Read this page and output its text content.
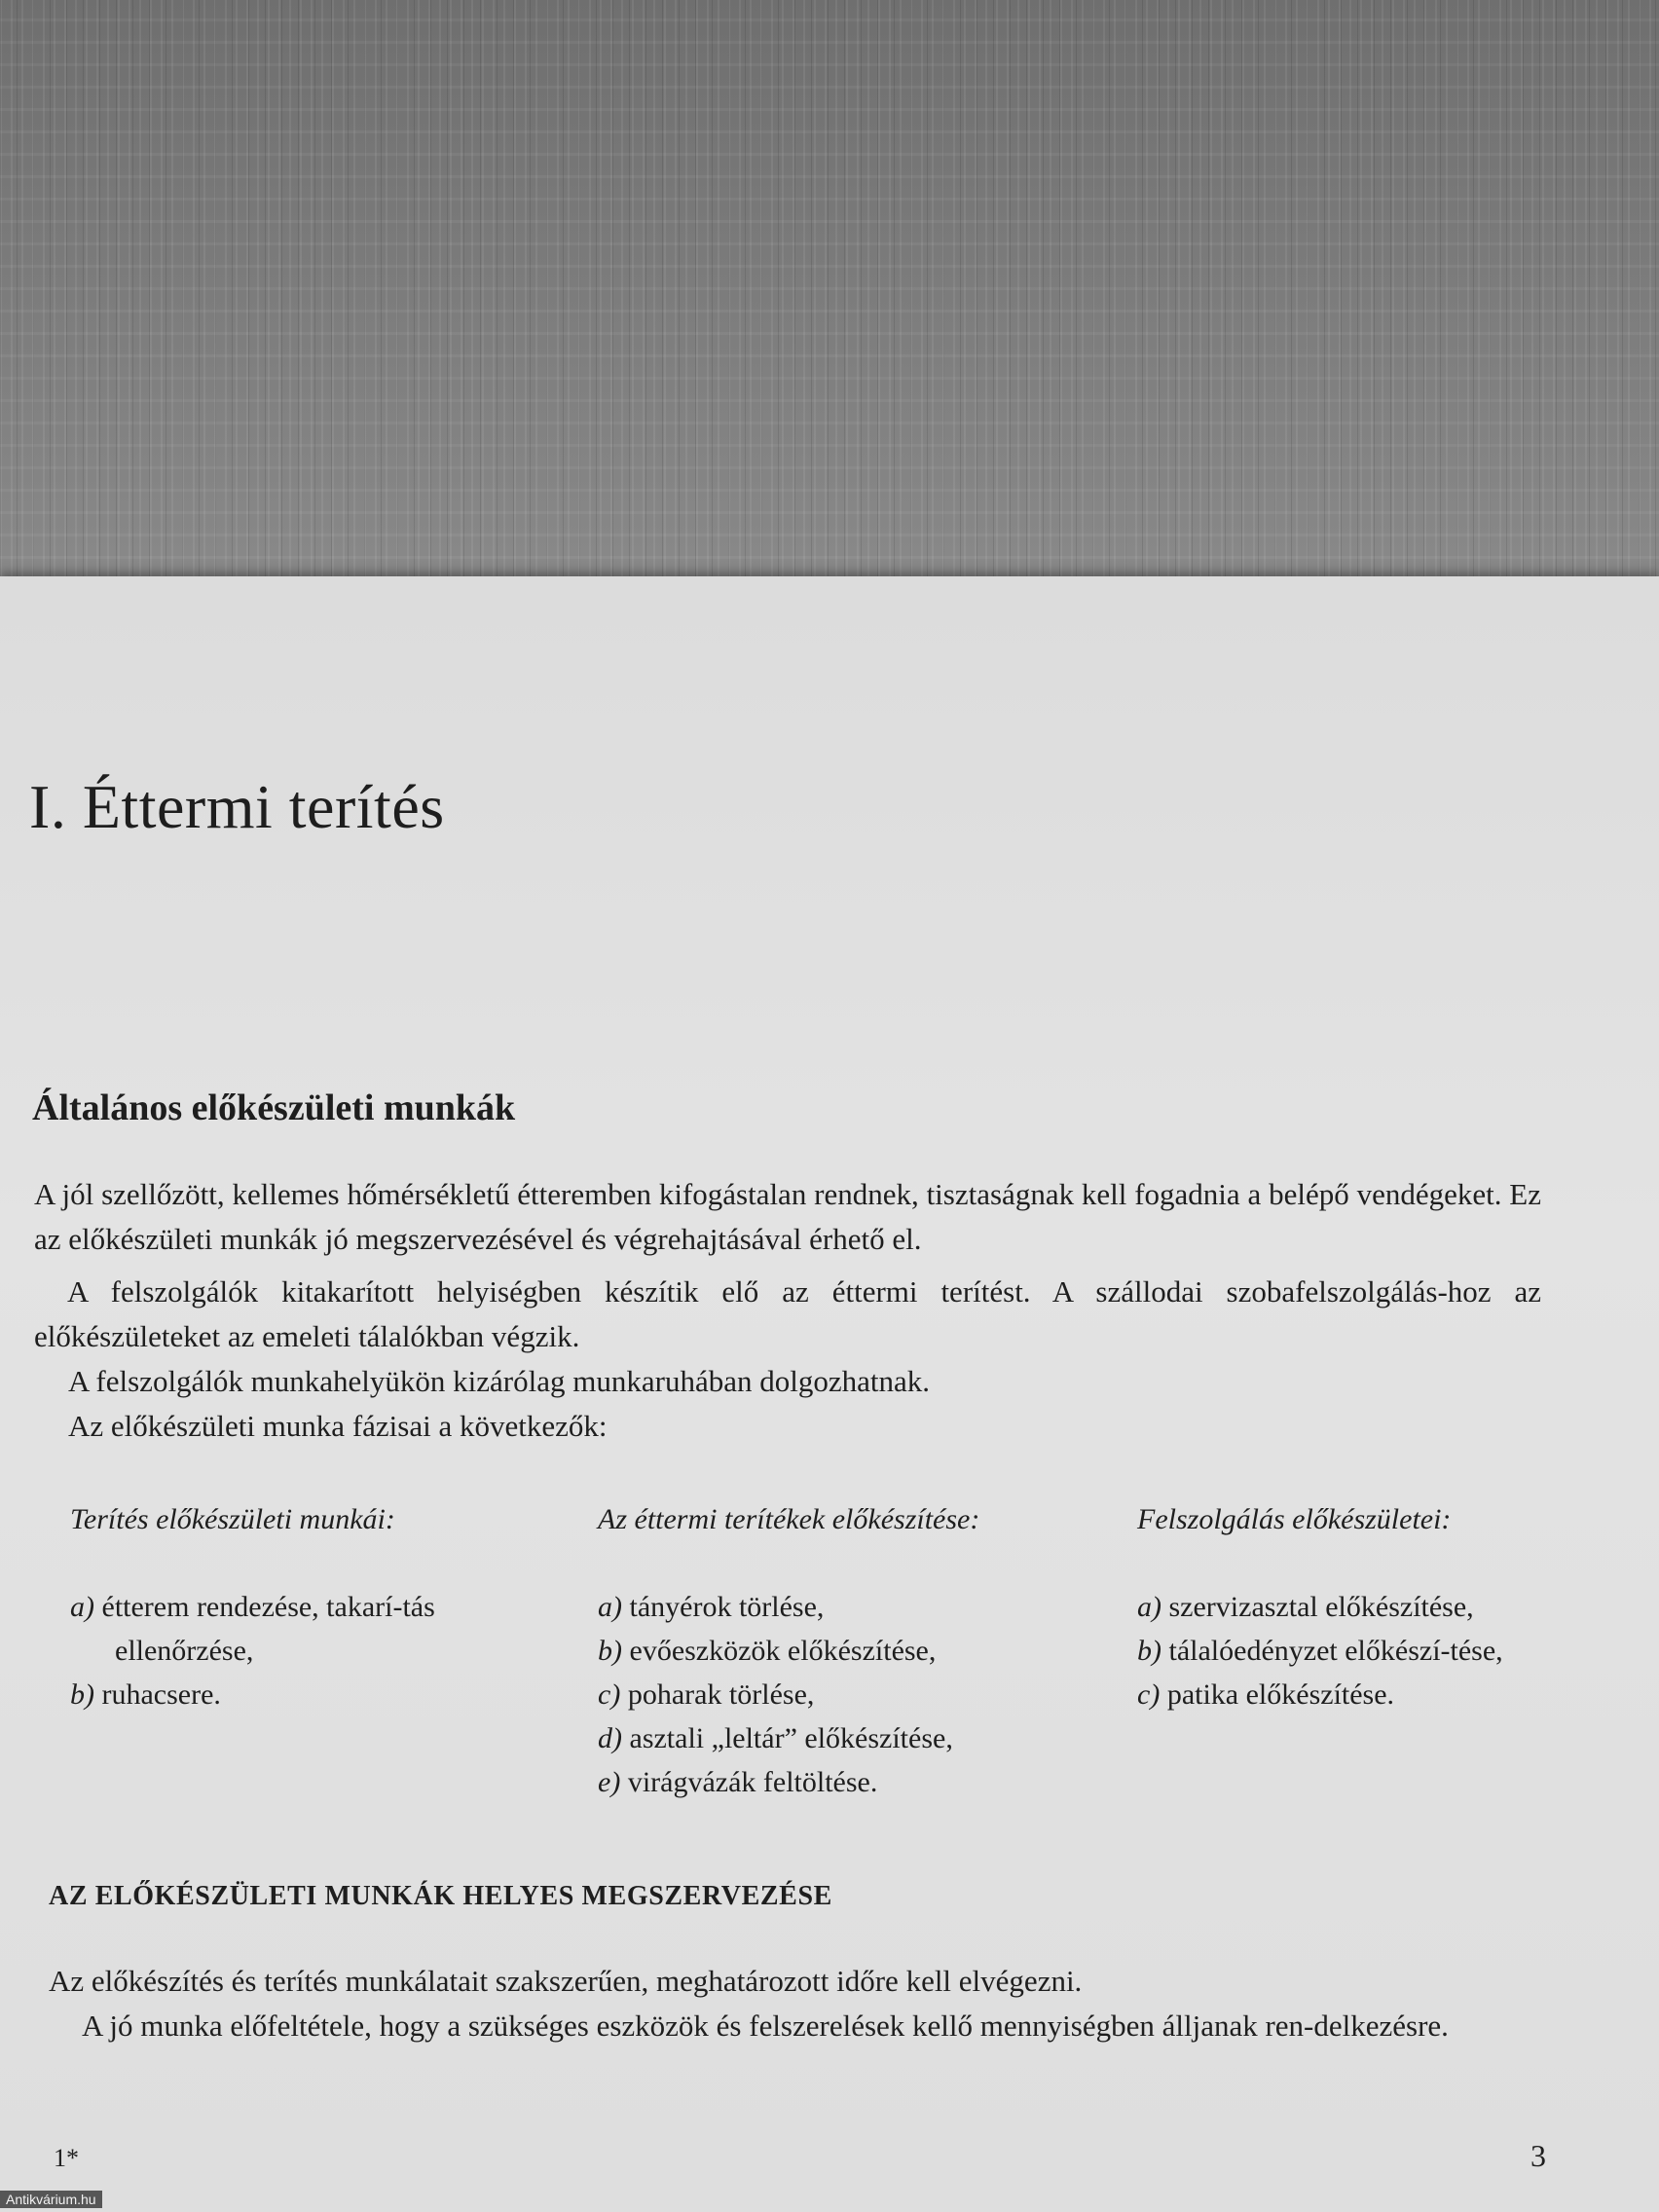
I. Éttermi terítés
Általános előkészületi munkák

A jól szellőzött, kellemes hőmérsékletű étteremben kifogástalan rendnek, tisztaságnak kell fogadnia a belépő vendégeket. Ez az előkészületi munkák jó megszervezésével és végrehajtásával érhető el.

A felszolgálók kitakarított helyiségben készítik elő az éttermi terítést. A szállodai szobafelszolgálás-hoz az előkészületeket az emeleti tálalókban végzik.

A felszolgálók munkahelyükön kizárólag munkaruhában dolgozhatnak.

Az előkészületi munka fázisai a következők:

Terítés előkészületi munkái:
a) étterem rendezése, takarí-tás ellenőrzése,
b) ruhacsere.
Az éttermi terítékek előkészítése:
a) tányérok törlése,
b) evőeszközök előkészítése,
c) poharak törlése,
d) asztali „leltár” előkészítése,
e) virágvázák feltöltése.
Felszolgálás előkészületei:
a) szervizasztal előkészítése,
b) tálalóedényzet előkészí-tése,
c) patika előkészítése.
AZ ELŐKÉSZÜLETI MUNKÁK HELYES MEGSZERVEZÉSE

Az előkészítés és terítés munkálatait szakszerűen, meghatározott időre kell elvégezni.

A jó munka előfeltétele, hogy a szükséges eszközök és felszerelések kellő mennyiségben álljanak ren-delkezésre.

1*	3
Antikvárium.hu
